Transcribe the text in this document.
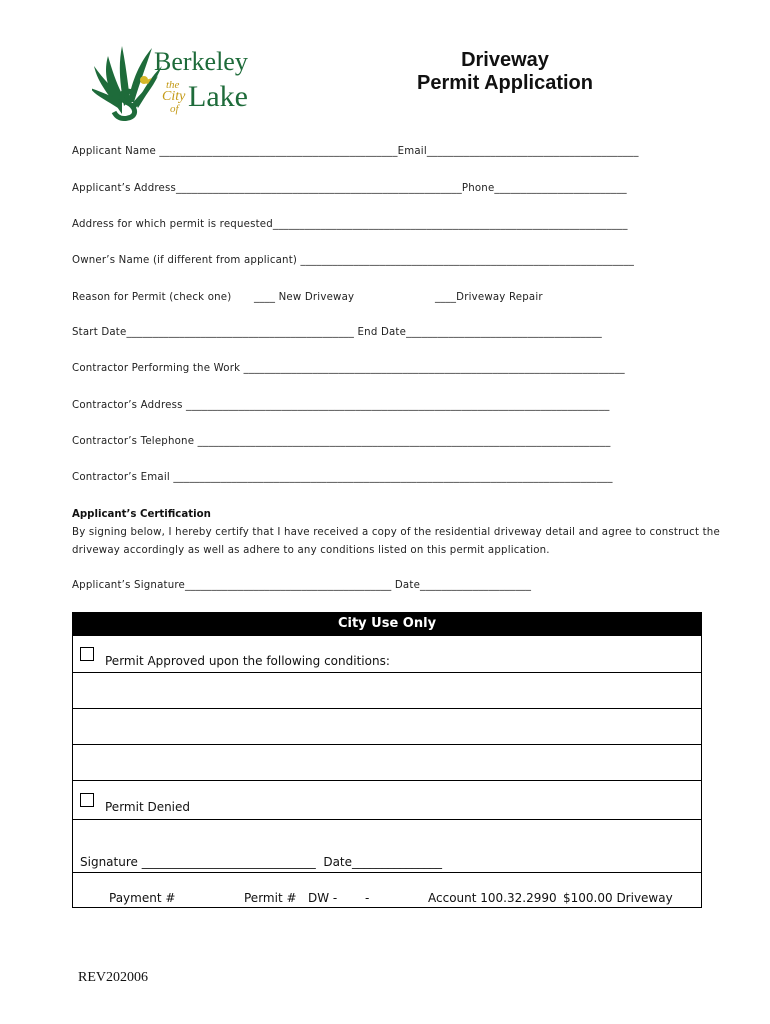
Berkeley
the
City
of Lake
Driveway
Permit Application
Applicant Name _____________________________________________Email________________________________________
Applicant’s Address______________________________________________________Phone_________________________
Address for which permit is requested___________________________________________________________________
Owner’s Name (if different from applicant) _______________________________________________________________
Reason for Permit (check one) ____ New Driveway	____Driveway Repair
Start Date___________________________________________ End Date_____________________________________
Contractor Performing the Work ________________________________________________________________________
Contractor’s Address ________________________________________________________________________________
Contractor’s Telephone ______________________________________________________________________________
Contractor’s Email ___________________________________________________________________________________
Applicant’s Certification
By signing below, I hereby certify that I have received a copy of the residential driveway detail and agree to construct the
driveway accordingly as well as adhere to any conditions listed on this permit application.
Applicant’s Signature_______________________________________ Date_____________________
City Use Only
Permit Approved upon the following conditions:
Permit Denied
Signature _____________________________  Date_______________
Payment #	Permit #   DW - -	Account 100.32.2990 $100.00 Driveway
REV202006
